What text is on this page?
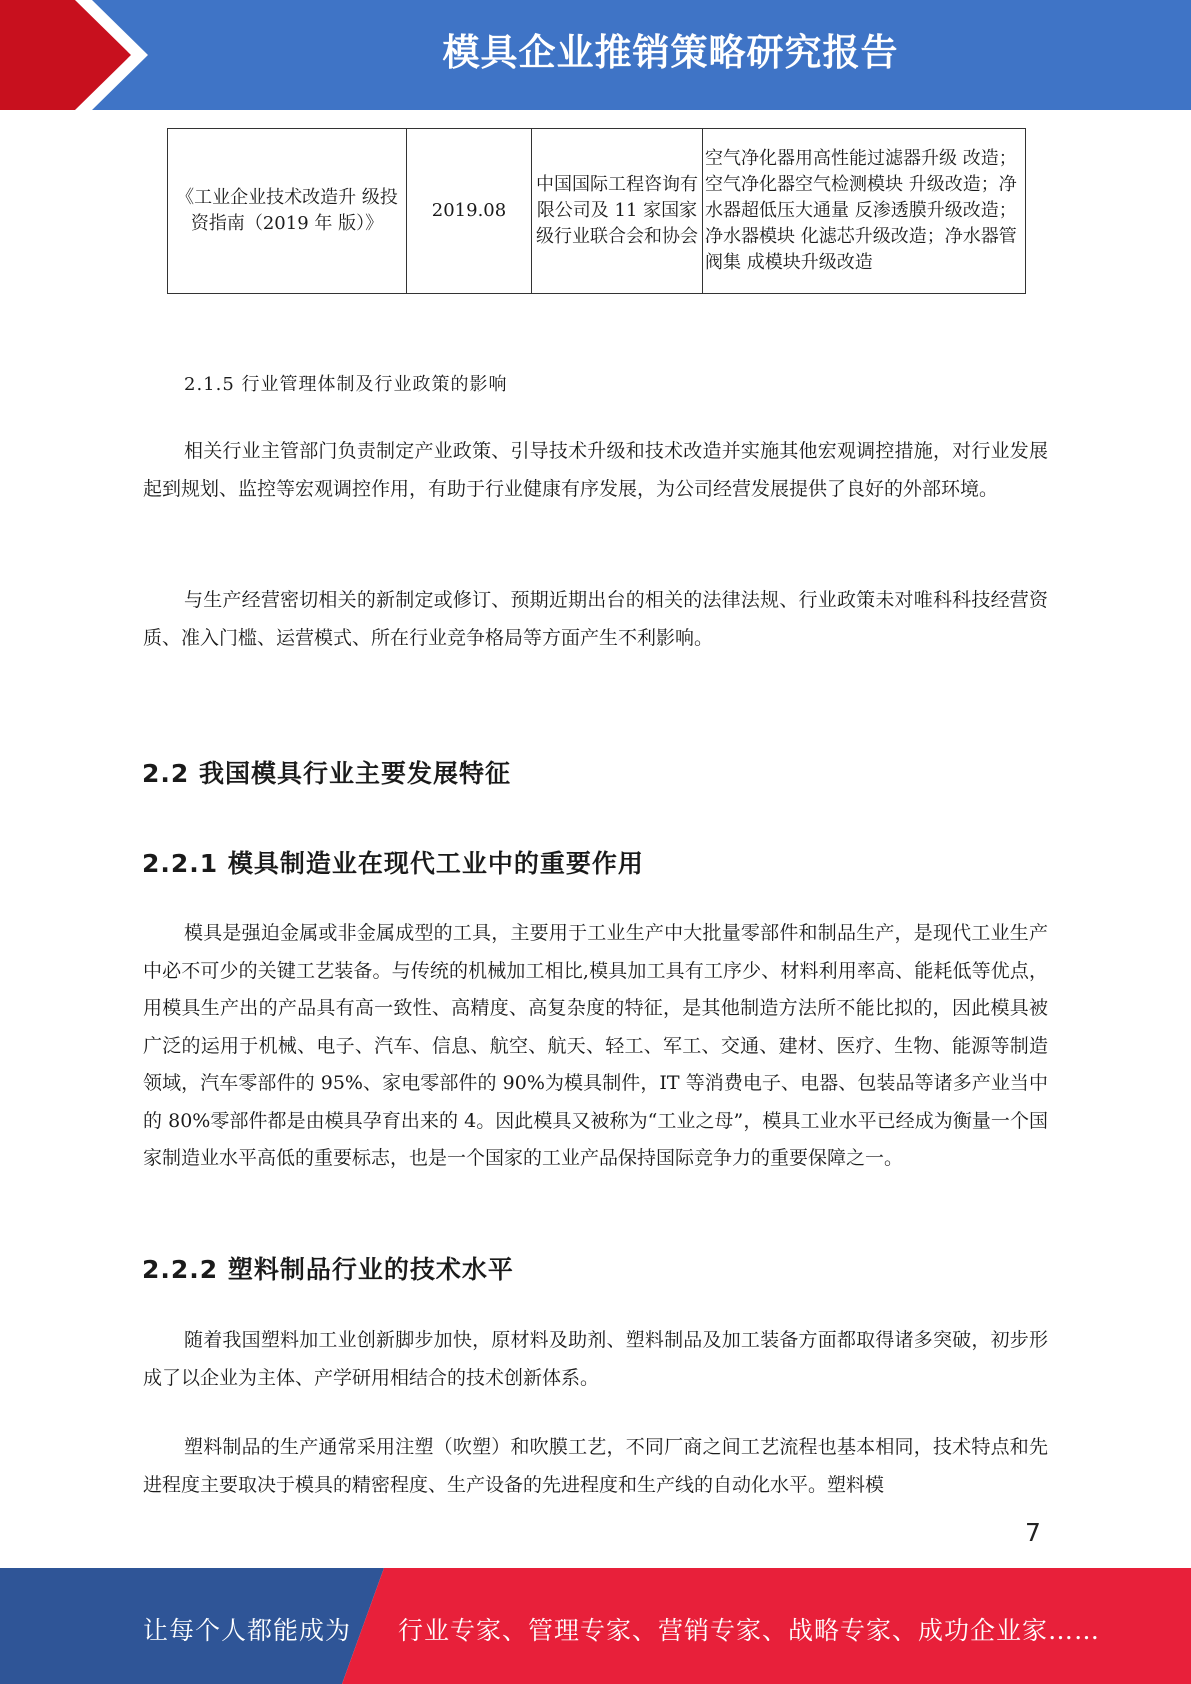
模具企业推销策略研究报告
《工业企业技术改造升 级投资指南（2019 年 版）》	2019.08	中国国际工程咨询有限公司及 11 家国家级行业联合会和协会	空气净化器用高性能过滤器升级 改造；空气净化器空气检测模块 升级改造；净水器超低压大通量 反渗透膜升级改造；净水器模块 化滤芯升级改造；净水器管阀集 成模块升级改造
2.1.5 行业管理体制及行业政策的影响

相关行业主管部门负责制定产业政策、引导技术升级和技术改造并实施其他宏观调控措施，对行业发展起到规划、监控等宏观调控作用，有助于行业健康有序发展，为公司经营发展提供了良好的外部环境。

与生产经营密切相关的新制定或修订、预期近期出台的相关的法律法规、行业政策未对唯科科技经营资质、准入门槛、运营模式、所在行业竞争格局等方面产生不利影响。

2.2 我国模具行业主要发展特征
2.2.1 模具制造业在现代工业中的重要作用

模具是强迫金属或非金属成型的工具，主要用于工业生产中大批量零部件和制品生产，是现代工业生产中必不可少的关键工艺装备。与传统的机械加工相比,模具加工具有工序少、材料利用率高、能耗低等优点，用模具生产出的产品具有高一致性、高精度、高复杂度的特征，是其他制造方法所不能比拟的，因此模具被广泛的运用于机械、电子、汽车、信息、航空、航天、轻工、军工、交通、建材、医疗、生物、能源等制造领域，汽车零部件的 95%、家电零部件的 90%为模具制件，IT 等消费电子、电器、包装品等诸多产业当中的 80%零部件都是由模具孕育出来的 4。因此模具又被称为“工业之母”，模具工业水平已经成为衡量一个国家制造业水平高低的重要标志，也是一个国家的工业产品保持国际竞争力的重要保障之一。

2.2.2 塑料制品行业的技术水平

随着我国塑料加工业创新脚步加快，原材料及助剂、塑料制品及加工装备方面都取得诸多突破，初步形成了以企业为主体、产学研用相结合的技术创新体系。

塑料制品的生产通常采用注塑（吹塑）和吹膜工艺，不同厂商之间工艺流程也基本相同，技术特点和先进程度主要取决于模具的精密程度、生产设备的先进程度和生产线的自动化水平。塑料模

7
让每个人都能成为 行业专家、管理专家、营销专家、战略专家、成功企业家……
